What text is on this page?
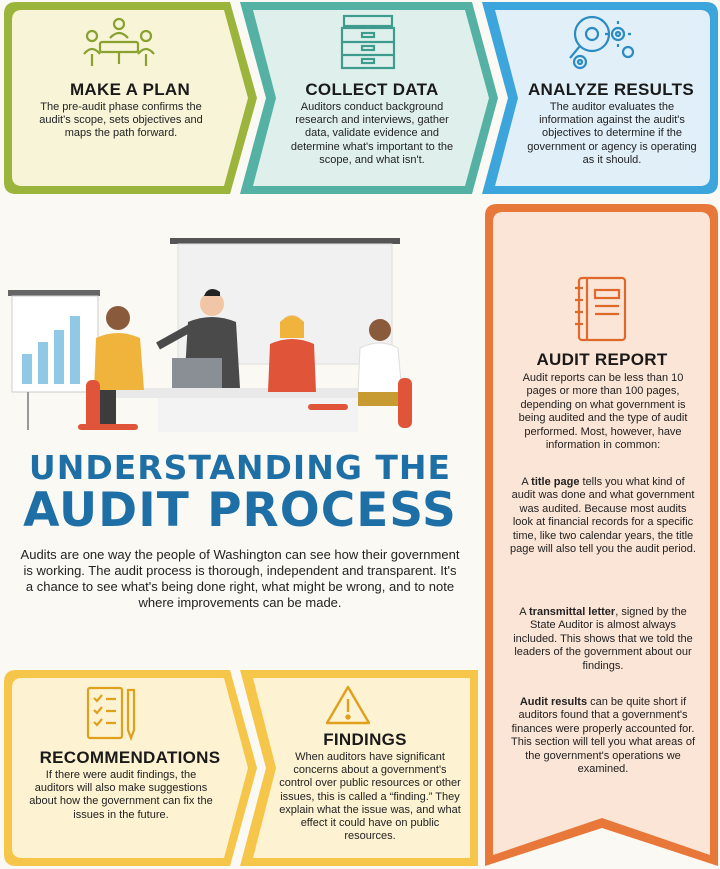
MAKE A PLAN
The pre-audit phase confirms the audit's scope, sets objectives and maps the path forward.
COLLECT DATA
Auditors conduct background research and interviews, gather data, validate evidence and determine what's important to the scope, and what isn't.
ANALYZE RESULTS
The auditor evaluates the information against the audit's objectives to determine if the government or agency is operating as it should.
UNDERSTANDING THE
AUDIT PROCESS
Audits are one way the people of Washington can see how their government is working. The audit process is thorough, independent and transparent. It's a chance to see what's being done right, what might be wrong, and to note where improvements can be made.
AUDIT REPORT
Audit reports can be less than 10 pages or more than 100 pages, depending on what government is being audited and the type of audit performed. Most, however, have information in common:
A title page tells you what kind of audit was done and what government was audited. Because most audits look at financial records for a specific time, like two calendar years, the title page will also tell you the audit period.
A transmittal letter, signed by the State Auditor is almost always included. This shows that we told the leaders of the government about our findings.
Audit results can be quite short if auditors found that a government's finances were properly accounted for. This section will tell you what areas of the government's operations we examined.
RECOMMENDATIONS
If there were audit findings, the auditors will also make suggestions about how the government can fix the issues in the future.
FINDINGS
When auditors have significant concerns about a government's control over public resources or other issues, this is called a “finding.” They explain what the issue was, and what effect it could have on public resources.
